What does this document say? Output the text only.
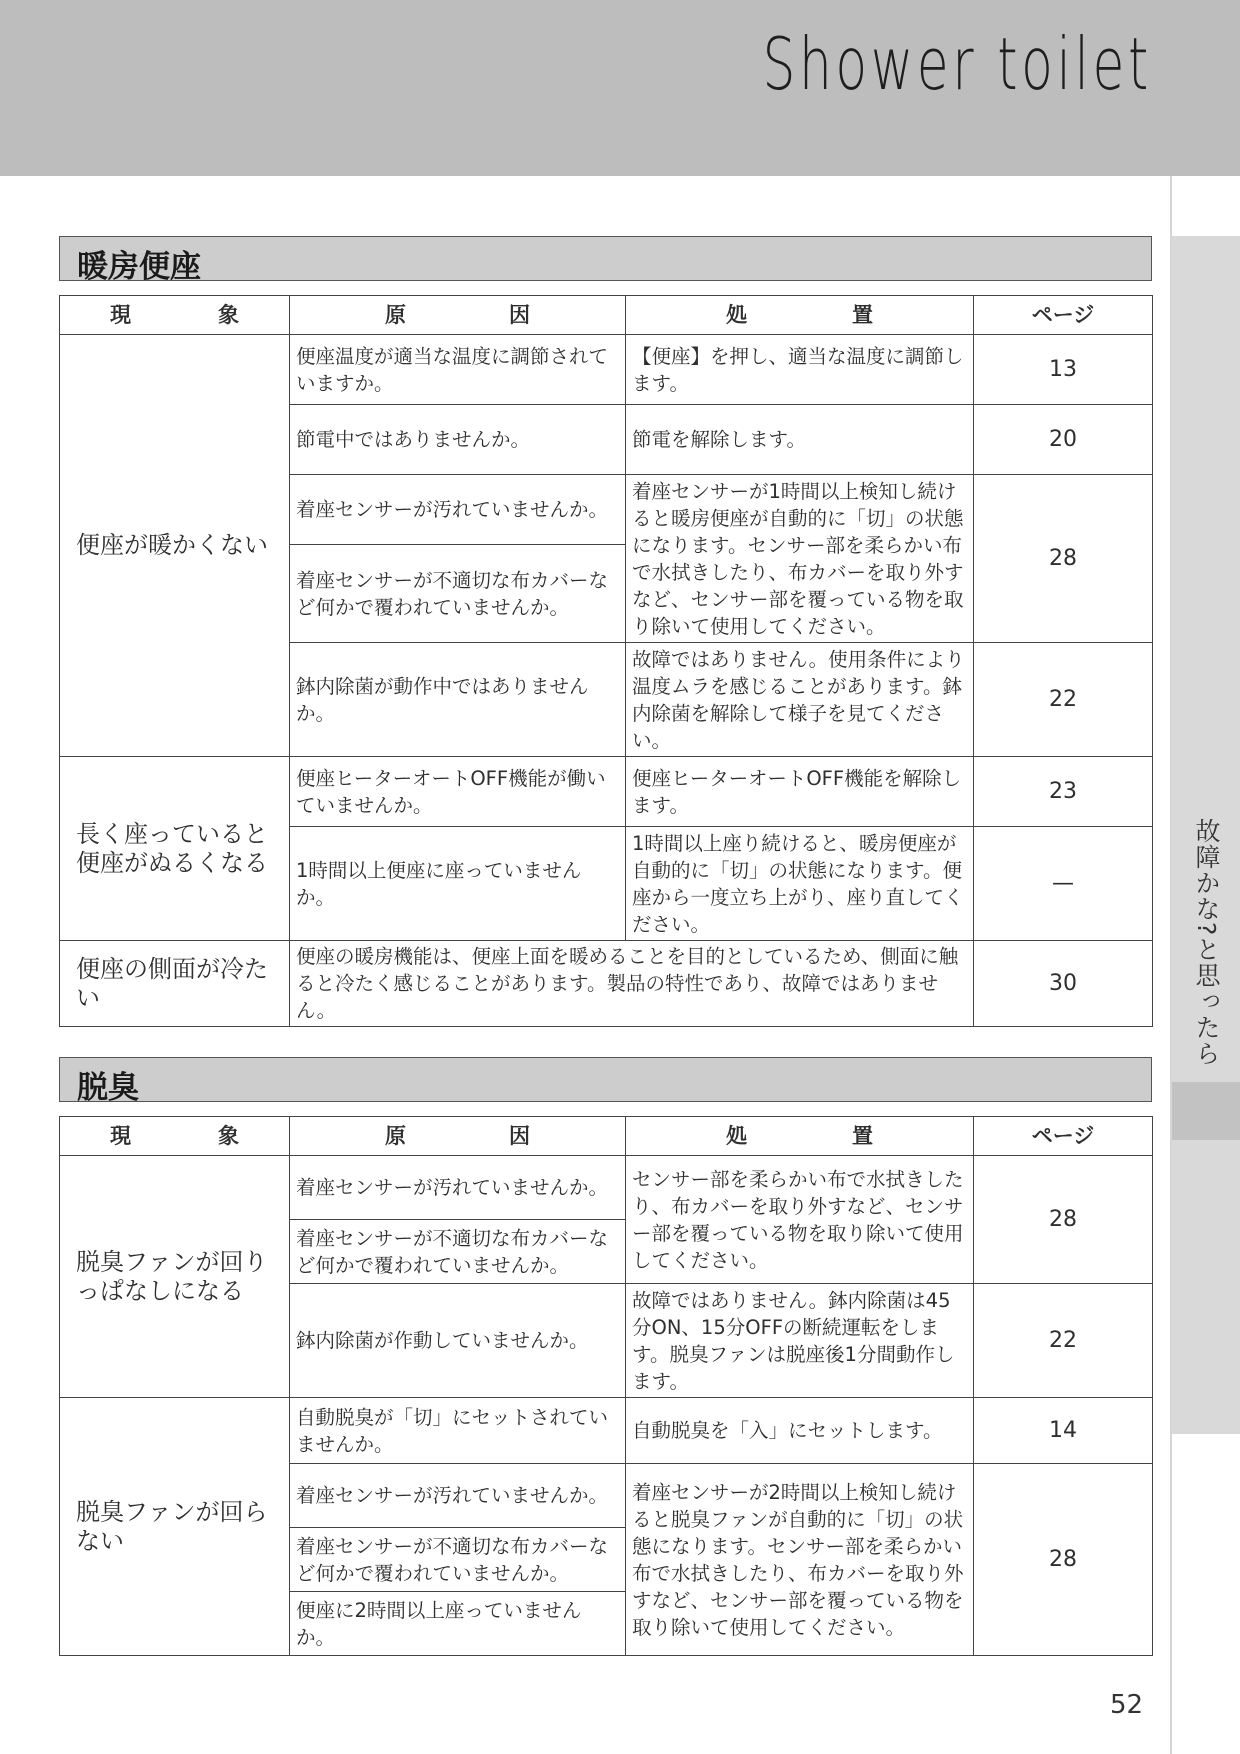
Shower toilet
故障かな?と思ったら
暖房便座
現 象	原 因	処 置	ページ
便座が暖かくない	便座温度が適当な温度に調節されていますか。	【便座】を押し、適当な温度に調節します。	13
	節電中ではありませんか。	節電を解除します。	20
	着座センサーが汚れていませんか。	着座センサーが1時間以上検知し続けると暖房便座が自動的に「切」の状態になります。センサー部を柔らかい布で水拭きしたり、布カバーを取り外すなど、センサー部を覆っている物を取り除いて使用してください。	28
	着座センサーが不適切な布カバーなど何かで覆われていませんか。		
	鉢内除菌が動作中ではありませんか。	故障ではありません。使用条件により温度ムラを感じることがあります。鉢内除菌を解除して様子を見てください。	22
長く座っていると便座がぬるくなる	便座ヒーターオートOFF機能が働いていませんか。	便座ヒーターオートOFF機能を解除します。	23
	1時間以上便座に座っていませんか。	1時間以上座り続けると、暖房便座が自動的に「切」の状態になります。便座から一度立ち上がり、座り直してください。	—
便座の側面が冷たい	便座の暖房機能は、便座上面を暖めることを目的としているため、側面に触ると冷たく感じることがあります。製品の特性であり、故障ではありません。		30
脱臭
現 象	原 因	処 置	ページ
脱臭ファンが回りっぱなしになる	着座センサーが汚れていませんか。	センサー部を柔らかい布で水拭きしたり、布カバーを取り外すなど、センサー部を覆っている物を取り除いて使用してください。	28
	着座センサーが不適切な布カバーなど何かで覆われていませんか。		
	鉢内除菌が作動していませんか。	故障ではありません。鉢内除菌は45分ON、15分OFFの断続運転をします。脱臭ファンは脱座後1分間動作します。	22
脱臭ファンが回らない	自動脱臭が「切」にセットされていませんか。	自動脱臭を「入」にセットします。	14
	着座センサーが汚れていませんか。	着座センサーが2時間以上検知し続けると脱臭ファンが自動的に「切」の状態になります。センサー部を柔らかい布で水拭きしたり、布カバーを取り外すなど、センサー部を覆っている物を取り除いて使用してください。	28
	着座センサーが不適切な布カバーなど何かで覆われていませんか。		
	便座に2時間以上座っていませんか。		
52
